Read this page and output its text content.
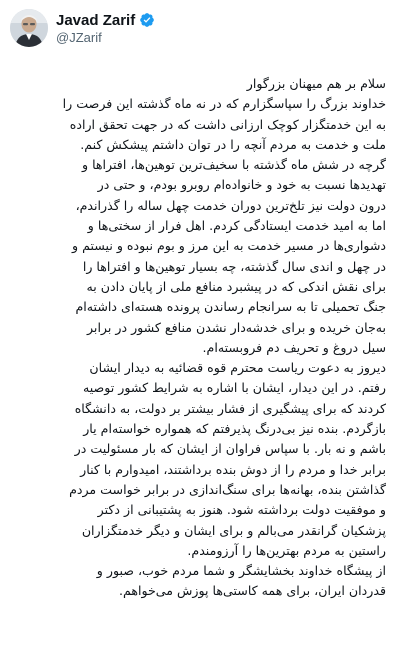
Javad Zarif
@JZarif
سلام بر هم میهنان بزرگوار
خداوند بزرگ را سپاسگزارم که در نه ماه گذشته این فرصت را
به این خدمتگزار کوچک ارزانی داشت که در جهت تحقق اراده
ملت و خدمت به مردم آنچه را در توان داشتم پیشکش کنم.
گرچه در شش ماه گذشته با سخیف‌ترین توهین‌ها، افتراها و
تهدیدها نسبت به خود و خانواده‌ام روبرو بودم، و حتی در
درون دولت نیز تلخ‌ترین دوران خدمت چهل ساله را گذراندم،
اما به امید خدمت ایستادگی کردم. اهل فرار از سختی‌ها و
دشواری‌ها در مسیر خدمت به این مرز و بوم نبوده و نیستم و
در چهل و اندی سال گذشته، چه بسیار توهین‌ها و افتراها را
برای نقش اندکی که در پیشبرد منافع ملی از پایان دادن به
جنگ تحمیلی تا به سرانجام رساندن پرونده هسته‌ای داشته‌ام
به‌جان خریده و برای خدشه‌دار نشدن منافع کشور در برابر
سیل دروغ و تحریف دم فروبسته‌ام.
دیروز به دعوت ریاست محترم قوه قضائیه به دیدار ایشان
رفتم. در این دیدار، ایشان با اشاره به شرایط کشور توصیه
کردند که برای پیشگیری از فشار بیشتر بر دولت، به دانشگاه
بازگردم. بنده نیز بی‌درنگ پذیرفتم که همواره خواسته‌ام یار
باشم و نه بار. با سپاس فراوان از ایشان که بار مسئولیت در
برابر خدا و مردم را از دوش بنده برداشتند، امیدوارم با کنار
گذاشتن بنده، بهانه‌ها برای سنگ‌اندازی در برابر خواست مردم
و موفقیت دولت برداشته شود. هنوز به پشتیبانی از دکتر
پزشکیان گرانقدر می‌بالم و برای ایشان و دیگر خدمتگزاران
راستین به مردم بهترین‌ها را آرزومندم.
از پیشگاه خداوند بخشایشگر و شما مردم خوب، صبور و
قدردان ایران، برای همه کاستی‌ها پوزش می‌خواهم.
